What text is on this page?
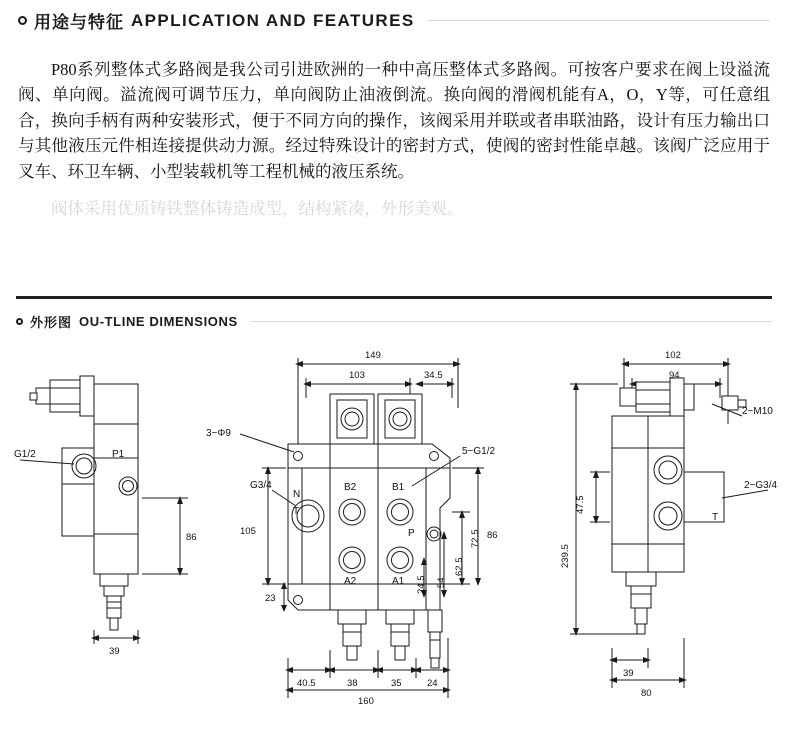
用途与特征 APPLICATION AND FEATURES

P80系列整体式多路阀是我公司引进欧洲的一种中高压整体式多路阀。可按客户要求在阀上设溢流阀、单向阀。溢流阀可调节压力，单向阀防止油液倒流。换向阀的滑阀机能有A，O，Y等，可任意组合，换向手柄有两种安装形式，便于不同方向的操作，该阀采用并联或者串联油路，设计有压力输出口与其他液压元件相连接提供动力源。经过特殊设计的密封方式，使阀的密封性能卓越。该阀广泛应用于叉车、环卫车辆、小型装载机等工程机械的液压系统。

阀体采用优质铸铁整体铸造成型，结构紧凑，外形美观。
外形图 OU-TLINE DIMENSIONS
G1/2	P1
86
39
149
103	34.5
3−Φ9
5−G1/2
G3/4
N
T
B2	B1
P
A2	A1
105
23
24.5 54
62.5
72.5 86
40.5	38	35	24
160
102
94
2−M10
2−G3/4
T
47.5
239.5
39
80
